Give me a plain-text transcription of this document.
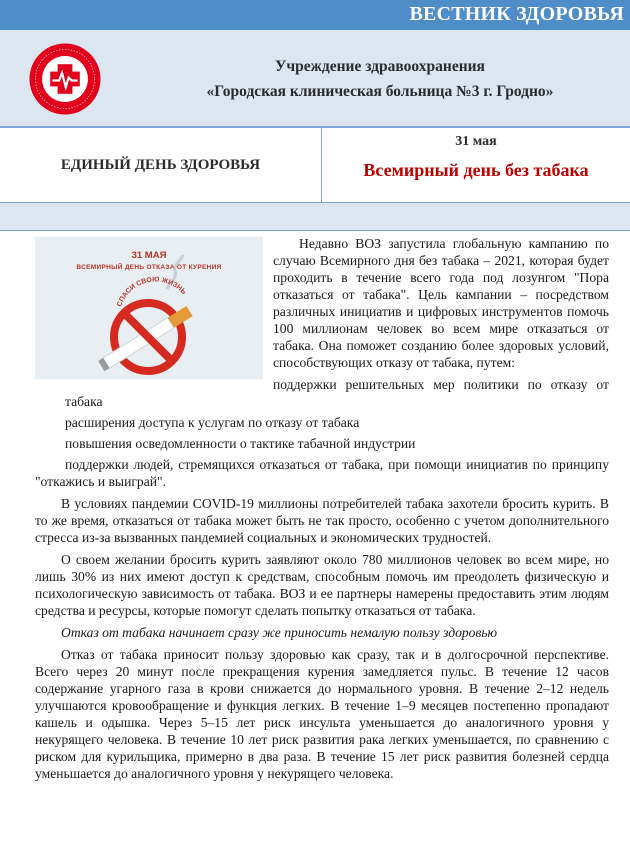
ВЕСТНИК ЗДОРОВЬЯ
Учреждение здравоохранения
«Городская клиническая больница №3 г. Гродно»
ЕДИНЫЙ ДЕНЬ ЗДОРОВЬЯ
31 мая
Всемирный день без табака
31 МАЯ
ВСЕМИРНЫЙ ДЕНЬ ОТКАЗА ОТ КУРЕНИЯ
СПАСИ СВОЮ ЖИЗНЬ

Недавно ВОЗ запустила глобальную кампанию по случаю Всемирного дня без табака – 2021, которая будет проходить в течение всего года под лозунгом "Пора отказаться от табака". Цель кампании – посредством различных инициатив и цифровых инструментов помочь 100 миллионам человек во всем мире отказаться от табака. Она поможет созданию более здоровых условий, способствующих отказу от табака, путем:

поддержки решительных мер политики по отказу от табака

расширения доступа к услугам по отказу от табака

повышения осведомленности о тактике табачной индустрии

поддержки людей, стремящихся отказаться от табака, при помощи инициатив по принципу "откажись и выиграй".

В условиях пандемии COVID-19 миллионы потребителей табака захотели бросить курить. В то же время, отказаться от табака может быть не так просто, особенно с учетом дополнительного стресса из-за вызванных пандемией социальных и экономических трудностей.

О своем желании бросить курить заявляют около 780 миллионов человек во всем мире, но лишь 30% из них имеют доступ к средствам, способным помочь им преодолеть физическую и психологическую зависимость от табака. ВОЗ и ее партнеры намерены предоставить этим людям средства и ресурсы, которые помогут сделать попытку отказаться от табака.

Отказ от табака начинает сразу же приносить немалую пользу здоровью

Отказ от табака приносит пользу здоровью как сразу, так и в долгосрочной перспективе. Всего через 20 минут после прекращения курения замедляется пульс. В течение 12 часов содержание угарного газа в крови снижается до нормального уровня. В течение 2–12 недель улучшаются кровообращение и функция легких. В течение 1–9 месяцев постепенно пропадают кашель и одышка. Через 5–15 лет риск инсульта уменьшается до аналогичного уровня у некурящего человека. В течение 10 лет риск развития рака легких уменьшается, по сравнению с риском для курильщика, примерно в два раза. В течение 15 лет риск развития болезней сердца уменьшается до аналогичного уровня у некурящего человека.
